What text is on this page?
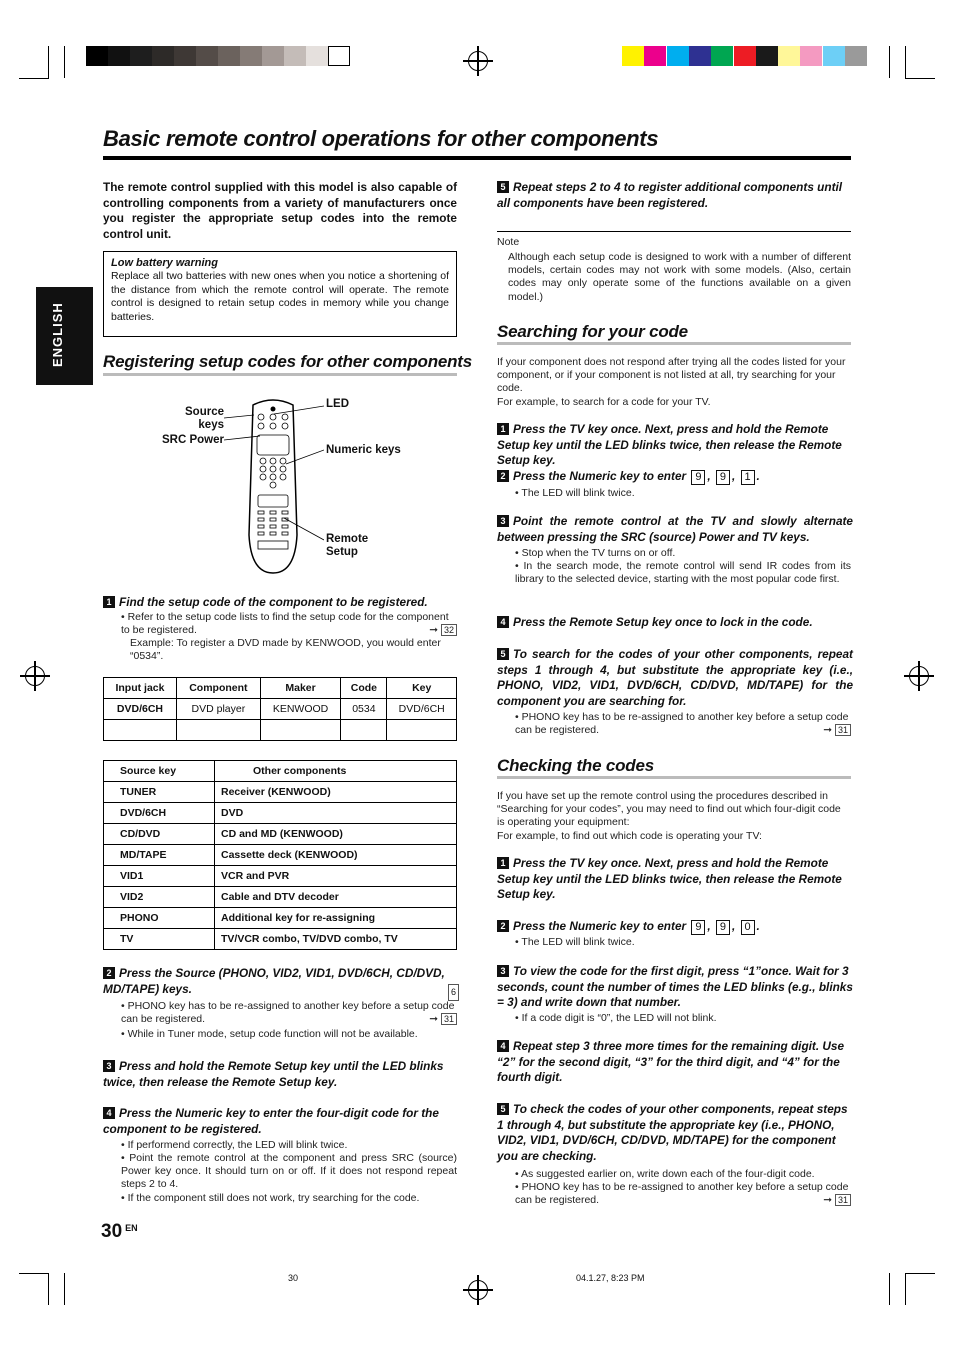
Basic remote control operations for other components
ENGLISH
The remote control supplied with this model is also capable of controlling components from a variety of manufacturers once you register the appropriate setup codes into the remote control unit.
Low battery warning
Replace all two batteries with new ones when you notice a shortening of the distance from which the remote control will operate. The remote control is designed to retain setup codes in memory while you change batteries.
Registering setup codes for other components
Source keys
SRC Power
LED
Numeric keys
Remote Setup
1 Find the setup code of the component to be registered.
• Refer to the setup code lists to find the setup code for the component to be registered.	➞ 32
Example: To register a DVD made by KENWOOD, you would enter “0534”.
Input jack	Component	Maker	Code	Key
DVD/6CH	DVD player	KENWOOD	0534	DVD/6CH

Source key	Other components
TUNER	Receiver (KENWOOD)
DVD/6CH	DVD
CD/DVD	CD and MD (KENWOOD)
MD/TAPE	Cassette deck (KENWOOD)
VID1	VCR and PVR
VID2	Cable and DTV decoder
PHONO	Additional key for re-assigning
TV	TV/VCR combo, TV/DVD combo, TV
2 Press the Source (PHONO, VID2, VID1, DVD/6CH, CD/DVD, MD/TAPE) keys.	6
• PHONO key has to be re-assigned to another key before a setup code can be registered.	➞ 31
• While in Tuner mode, setup code function will not be available.
3 Press and hold the Remote Setup key until the LED blinks twice, then release the Remote Setup key.
4 Press the Numeric key to enter the four-digit code for the component to be registered.
• If performend correctly, the LED will blink twice.
• Point the remote control at the component and press SRC (source) Power key once. It should turn on or off. If it does not respond repeat steps 2 to 4.
• If the component still does not work, try searching for the code.
5 Repeat steps 2 to 4 to register additional components until all components have been registered.
Note
Although each setup code is designed to work with a number of different models, certain codes may not work with some models. (Also, certain codes may only operate some of the functions available on a given model.)
Searching for your code
If your component does not respond after trying all the codes listed for your component, or if your component is not listed at all, try searching for your code.
For example, to search for a code for your TV.
1 Press the TV key once. Next, press and hold the Remote Setup key until the LED blinks twice, then release the Remote Setup key.
2 Press the Numeric key to enter 9 , 9 , 1 .
• The LED will blink twice.
3 Point the remote control at the TV and slowly alternate between pressing the SRC (source) Power and TV keys.
• Stop when the TV turns on or off.
• In the search mode, the remote control will send IR codes from its library to the selected device, starting with the most popular code first.
4 Press the Remote Setup key once to lock in the code.
5 To search for the codes of your other components, repeat steps 1 through 4, but substitute the appropriate key (i.e., PHONO, VID2, VID1, DVD/6CH, CD/DVD, MD/TAPE) for the component you are searching for.
• PHONO key has to be re-assigned to another key before a setup code can be registered.	➞ 31
Checking the codes
If you have set up the remote control using the procedures described in “Searching for your codes”, you may need to find out which four-digit code is operating your equipment:
For example, to find out which code is operating your TV:
1 Press the TV key once. Next, press and hold the Remote Setup key until the LED blinks twice, then release the Remote Setup key.
2 Press the Numeric key to enter 9 , 9 , 0 .
• The LED will blink twice.
3 To view the code for the first digit, press “1”once. Wait for 3 seconds, count the number of times the LED blinks (e.g., blinks = 3) and write down that number.
• If a code digit is “0”, the LED will not blink.
4 Repeat step 3 three more times for the remaining digit. Use “2” for the second digit, “3” for the third digit, and “4” for the fourth digit.
5 To check the codes of your other components, repeat steps 1 through 4, but substitute the appropriate key (i.e., PHONO, VID2, VID1, DVD/6CH, CD/DVD, MD/TAPE) for the component you are checking.
• As suggested earlier on, write down each of the four-digit code.
• PHONO key has to be re-assigned to another key before a setup code can be registered.	➞ 31
30 $^{EN}$
30	04.1.27, 8:23 PM
